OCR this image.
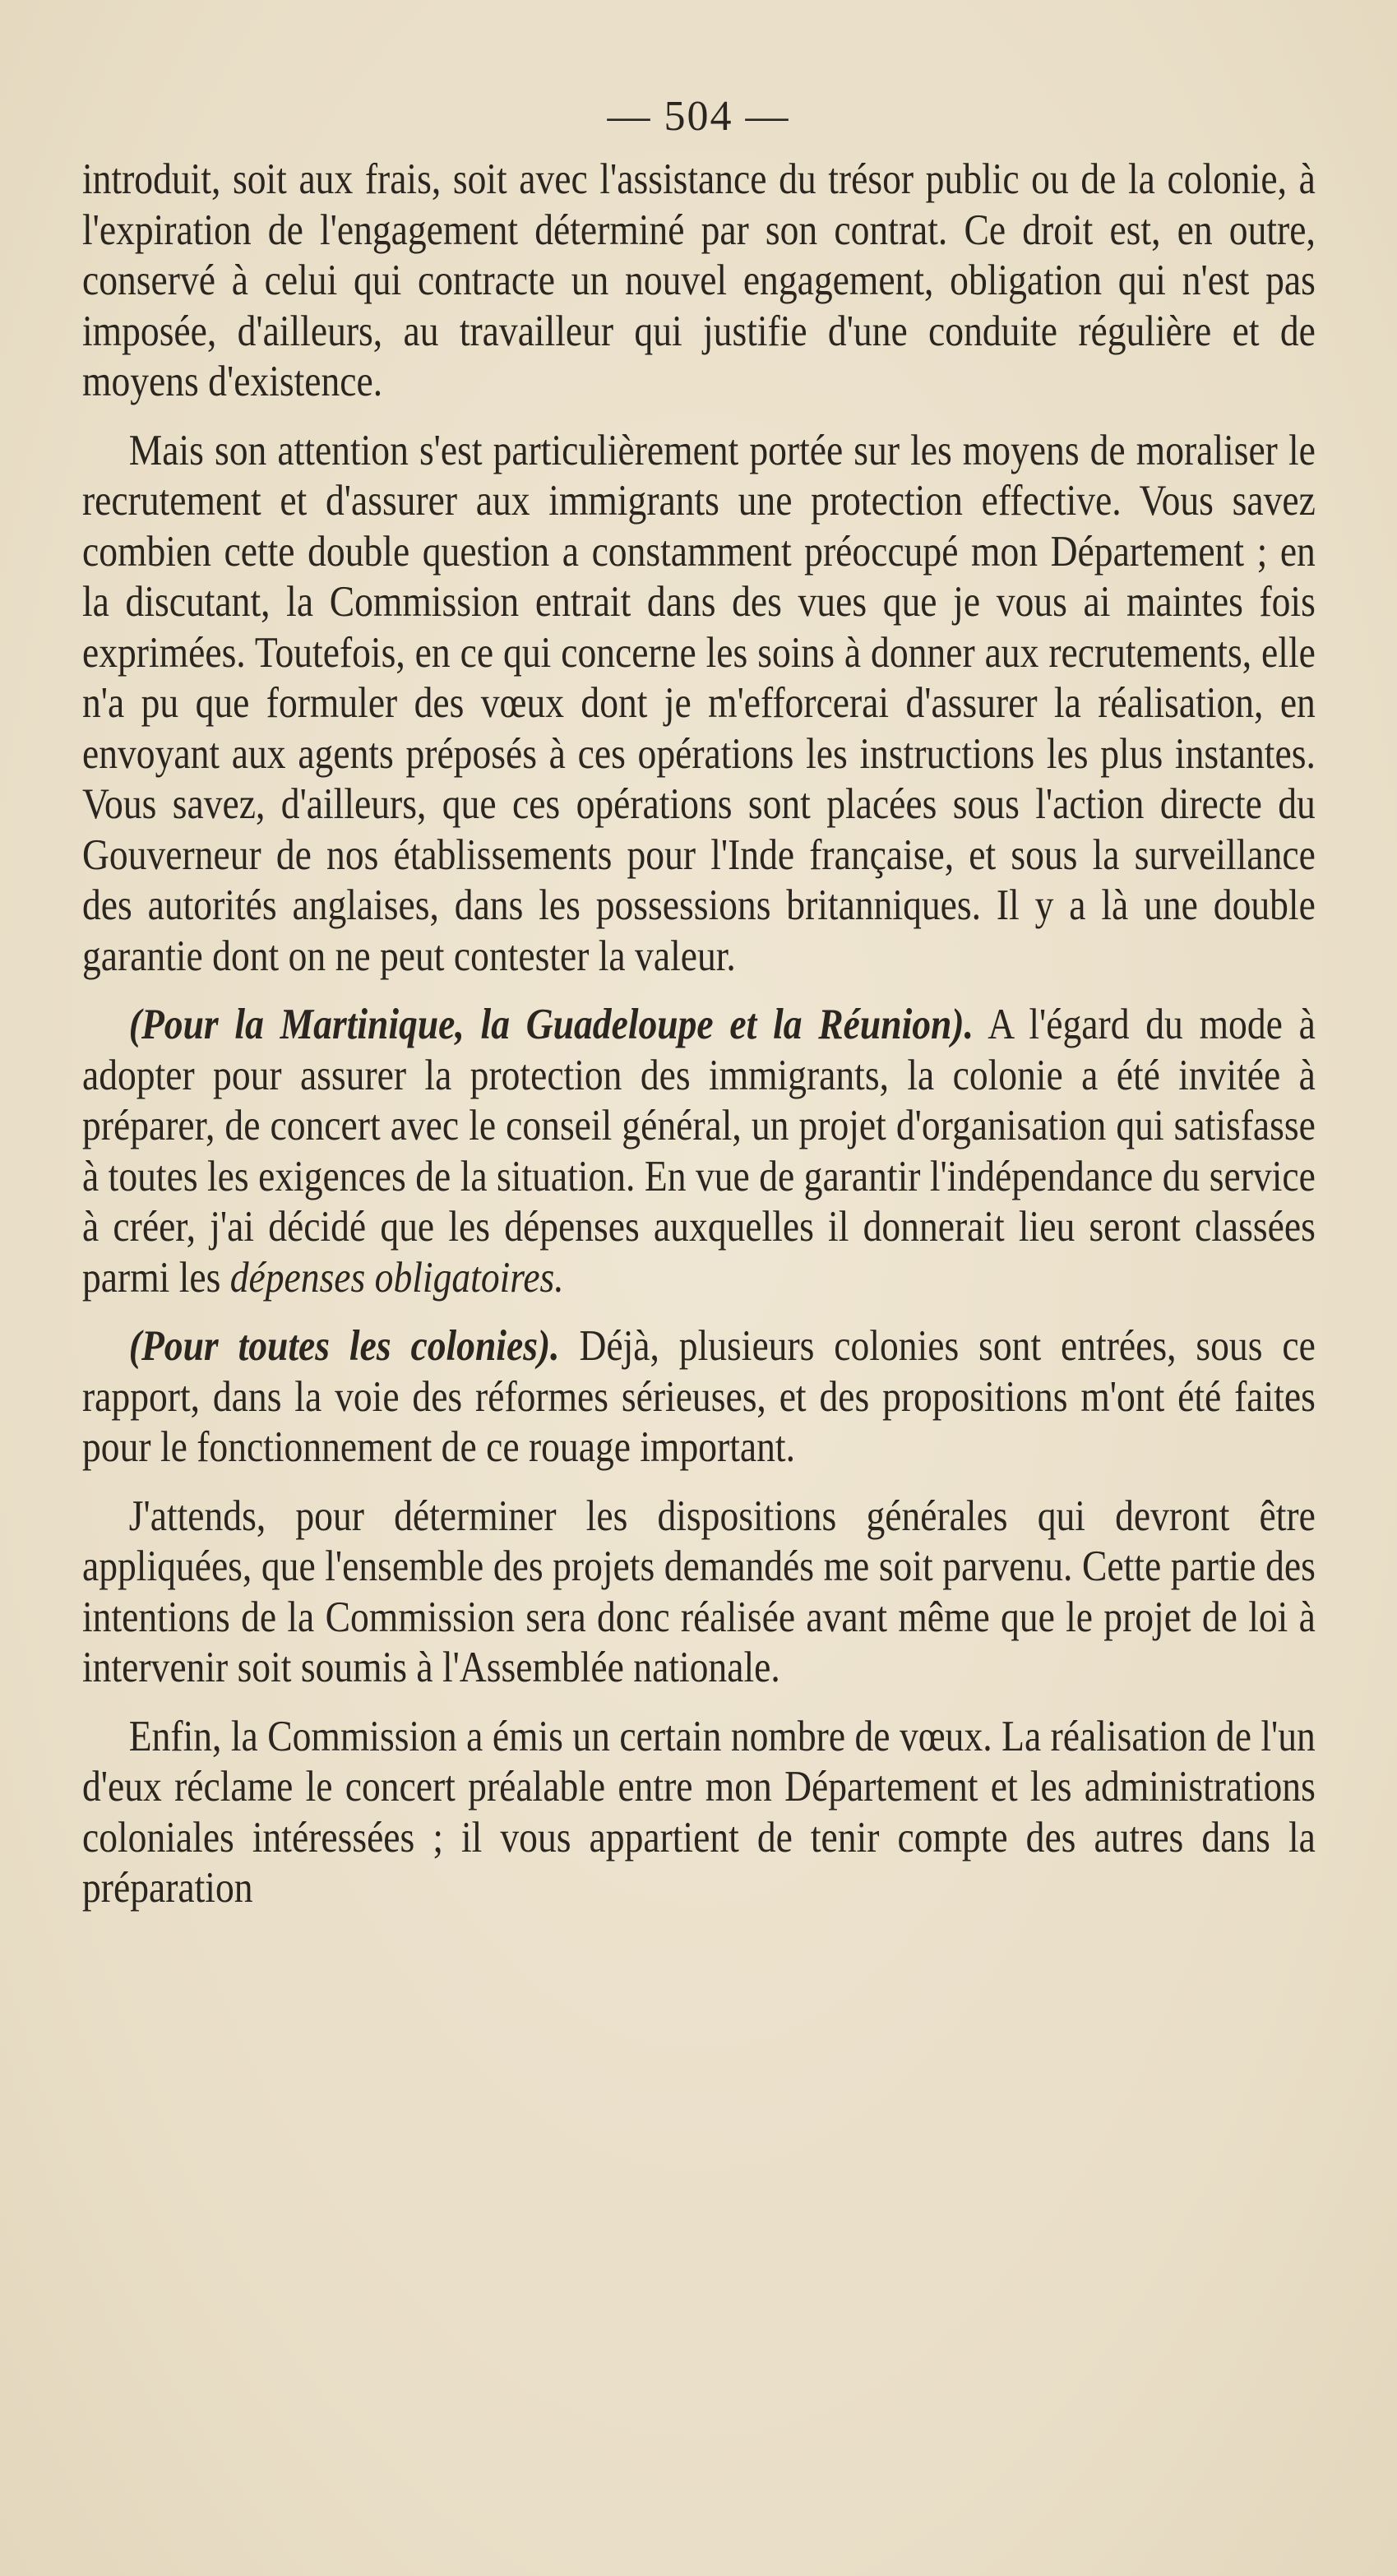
— 504 —

introduit, soit aux frais, soit avec l'assistance du trésor public ou de la colonie, à l'expiration de l'engagement déterminé par son contrat. Ce droit est, en outre, conservé à celui qui contracte un nouvel engagement, obligation qui n'est pas imposée, d'ailleurs, au travailleur qui justifie d'une conduite régulière et de moyens d'existence.

Mais son attention s'est particulièrement portée sur les moyens de moraliser le recrutement et d'assurer aux immigrants une protection effective. Vous savez combien cette double question a constamment préoccupé mon Département ; en la discutant, la Commission entrait dans des vues que je vous ai maintes fois exprimées. Toutefois, en ce qui concerne les soins à donner aux recrutements, elle n'a pu que formuler des vœux dont je m'efforcerai d'assurer la réalisation, en envoyant aux agents préposés à ces opérations les instructions les plus instantes. Vous savez, d'ailleurs, que ces opérations sont placées sous l'action directe du Gouverneur de nos établissements pour l'Inde française, et sous la surveillance des autorités anglaises, dans les possessions britanniques. Il y a là une double garantie dont on ne peut contester la valeur.

(Pour la Martinique, la Guadeloupe et la Réunion). A l'égard du mode à adopter pour assurer la protection des immigrants, la colonie a été invitée à préparer, de concert avec le conseil général, un projet d'organisation qui satisfasse à toutes les exigences de la situation. En vue de garantir l'indépendance du service à créer, j'ai décidé que les dépenses auxquelles il donnerait lieu seront classées parmi les dépenses obligatoires.

(Pour toutes les colonies). Déjà, plusieurs colonies sont entrées, sous ce rapport, dans la voie des réformes sérieuses, et des propositions m'ont été faites pour le fonctionnement de ce rouage important.

J'attends, pour déterminer les dispositions générales qui devront être appliquées, que l'ensemble des projets demandés me soit parvenu. Cette partie des intentions de la Commission sera donc réalisée avant même que le projet de loi à intervenir soit soumis à l'Assemblée nationale.

Enfin, la Commission a émis un certain nombre de vœux. La réalisation de l'un d'eux réclame le concert préalable entre mon Département et les administrations coloniales intéressées ; il vous appartient de tenir compte des autres dans la préparation
